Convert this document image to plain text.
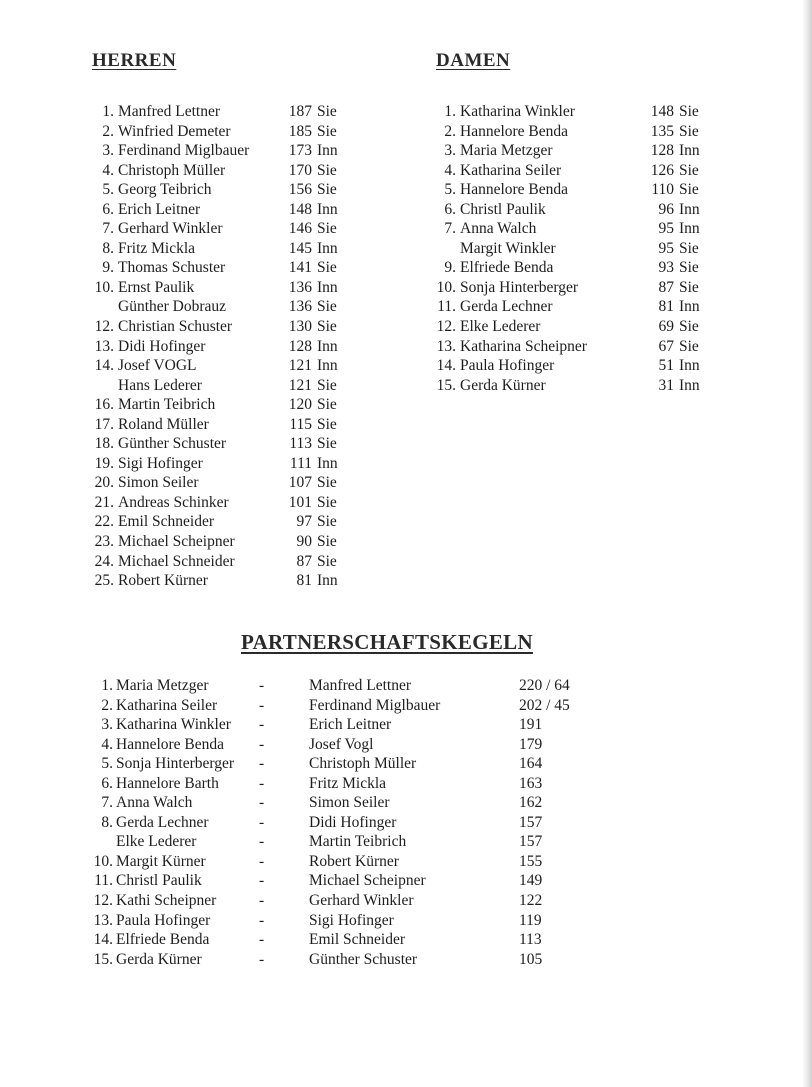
HERREN	DAMEN
1. Manfred Lettner	187 Sie
2. Winfried Demeter	185 Sie
3. Ferdinand Miglbauer	173 Inn
4. Christoph Müller	170 Sie
5. Georg Teibrich	156 Sie
6. Erich Leitner	148 Inn
7. Gerhard Winkler	146 Sie
8. Fritz Mickla	145 Inn
9. Thomas Schuster	141 Sie
10. Ernst Paulik	136 Inn
Günther Dobrauz	136 Sie
12. Christian Schuster	130 Sie
13. Didi Hofinger	128 Inn
14. Josef VOGL	121 Inn
Hans Lederer	121 Sie
16. Martin Teibrich	120 Sie
17. Roland Müller	115 Sie
18. Günther Schuster	113 Sie
19. Sigi Hofinger	111 Inn
20. Simon Seiler	107 Sie
21. Andreas Schinker	101 Sie
22. Emil Schneider	97 Sie
23. Michael Scheipner	90 Sie
24. Michael Schneider	87 Sie
25. Robert Kürner	81 Inn
1. Katharina Winkler	148 Sie
2. Hannelore Benda	135 Sie
3. Maria Metzger	128 Inn
4. Katharina Seiler	126 Sie
5. Hannelore Benda	110 Sie
6. Christl Paulik	96 Inn
7. Anna Walch	95 Inn
Margit Winkler	95 Sie
9. Elfriede Benda	93 Sie
10. Sonja Hinterberger	87 Sie
11. Gerda Lechner	81 Inn
12. Elke Lederer	69 Sie
13. Katharina Scheipner	67 Sie
14. Paula Hofinger	51 Inn
15. Gerda Kürner	31 Inn
PARTNERSCHAFTSKEGELN
1. Maria Metzger	-	Manfred Lettner	220 / 64
2. Katharina Seiler	-	Ferdinand Miglbauer	202 / 45
3. Katharina Winkler	-	Erich Leitner	191
4. Hannelore Benda	-	Josef Vogl	179
5. Sonja Hinterberger	-	Christoph Müller	164
6. Hannelore Barth	-	Fritz Mickla	163
7. Anna Walch	-	Simon Seiler	162
8. Gerda Lechner	-	Didi Hofinger	157
Elke Lederer	-	Martin Teibrich	157
10. Margit Kürner	-	Robert Kürner	155
11. Christl Paulik	-	Michael Scheipner	149
12. Kathi Scheipner	-	Gerhard Winkler	122
13. Paula Hofinger	-	Sigi Hofinger	119
14. Elfriede Benda	-	Emil Schneider	113
15. Gerda Kürner	-	Günther Schuster	105
